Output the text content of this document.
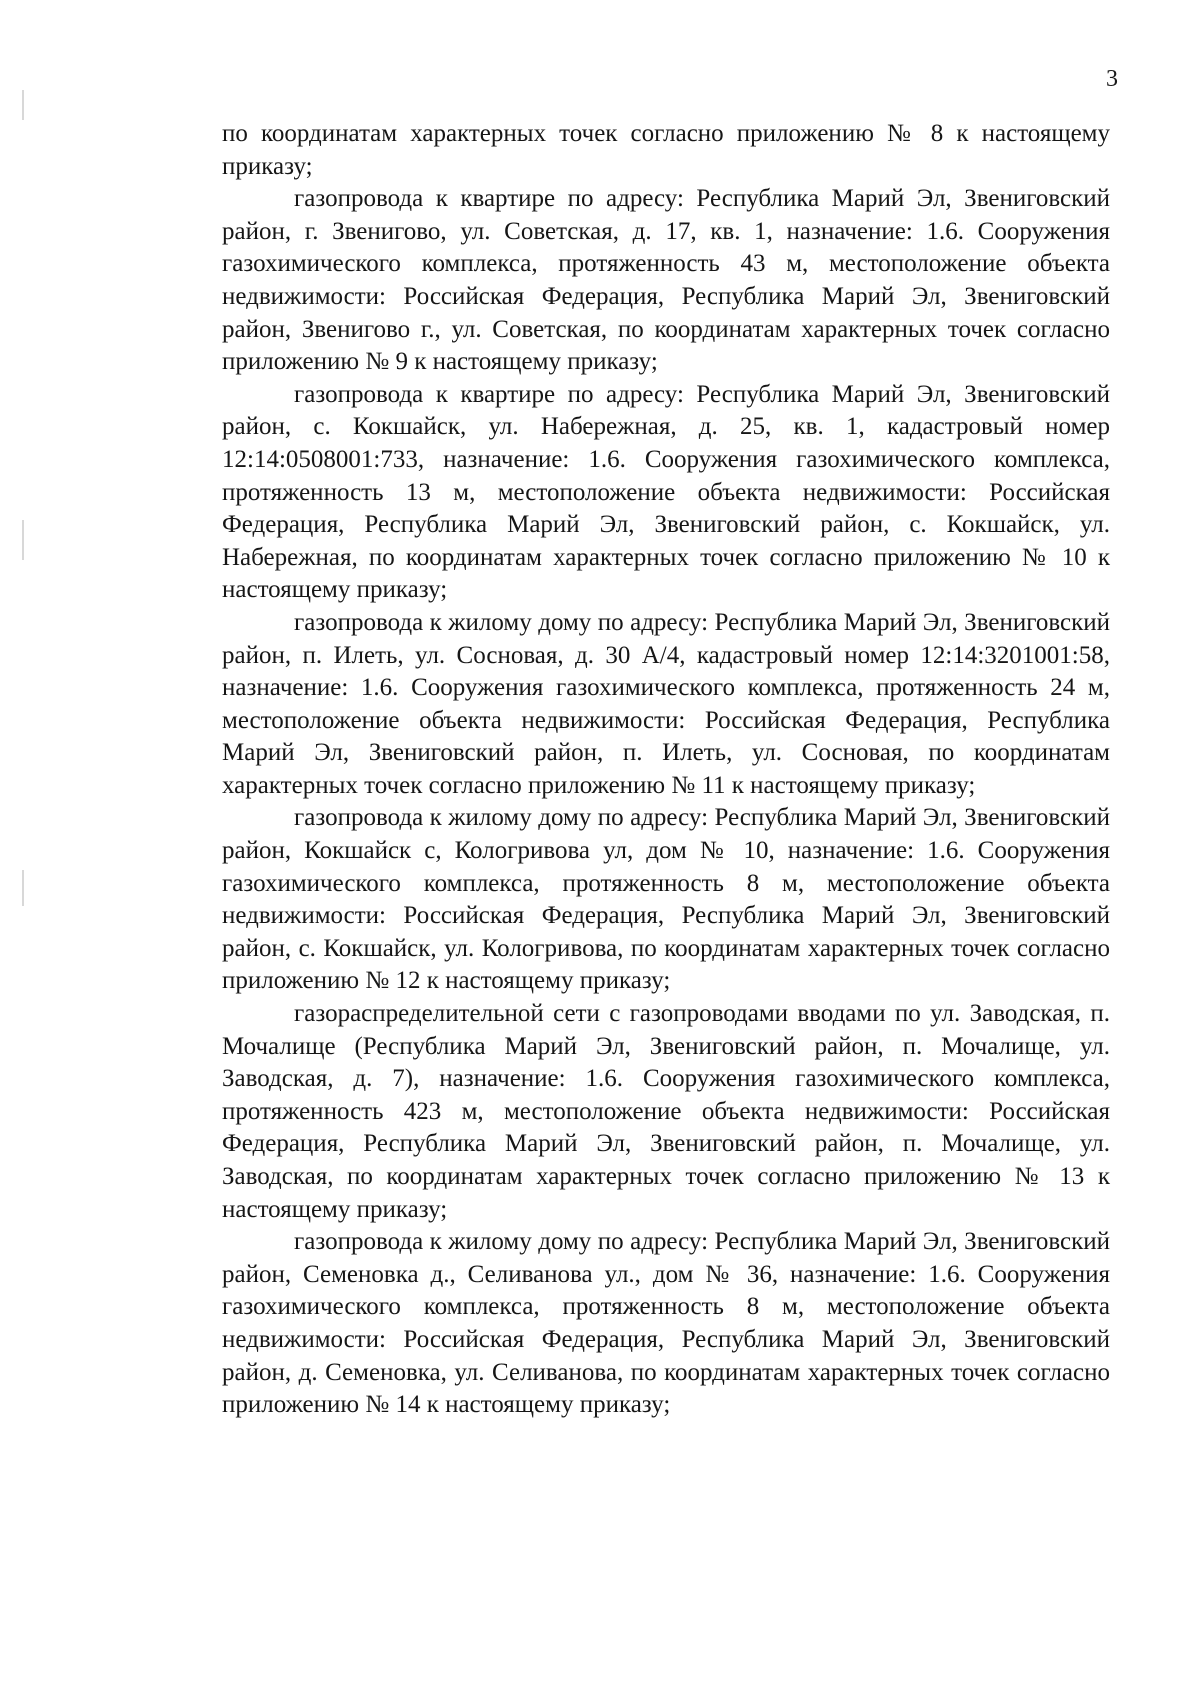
3

по координатам характерных точек согласно приложению № 8 к настоящему приказу;

газопровода к квартире по адресу: Республика Марий Эл, Звениговский район, г. Звенигово, ул. Советская, д. 17, кв. 1, назначение: 1.6. Сооружения газохимического комплекса, протяженность 43 м, местоположение объекта недвижимости: Российская Федерация, Республика Марий Эл, Звениговский район, Звенигово г., ул. Советская, по координатам характерных точек согласно приложению № 9 к настоящему приказу;

газопровода к квартире по адресу: Республика Марий Эл, Звениговский район, с. Кокшайск, ул. Набережная, д. 25, кв. 1, кадастровый номер 12:14:0508001:733, назначение: 1.6. Сооружения газохимического комплекса, протяженность 13 м, местоположение объекта недвижимости: Российская Федерация, Республика Марий Эл, Звениговский район, с. Кокшайск, ул. Набережная, по координатам характерных точек согласно приложению № 10 к настоящему приказу;

газопровода к жилому дому по адресу: Республика Марий Эл, Звениговский район, п. Илеть, ул. Сосновая, д. 30 А/4, кадастровый номер 12:14:3201001:58, назначение: 1.6. Сооружения газохимического комплекса, протяженность 24 м, местоположение объекта недвижимости: Российская Федерация, Республика Марий Эл, Звениговский район, п. Илеть, ул. Сосновая, по координатам характерных точек согласно приложению № 11 к настоящему приказу;

газопровода к жилому дому по адресу: Республика Марий Эл, Звениговский район, Кокшайск с, Кологривова ул, дом № 10, назначение: 1.6. Сооружения газохимического комплекса, протяженность 8 м, местоположение объекта недвижимости: Российская Федерация, Республика Марий Эл, Звениговский район, с. Кокшайск, ул. Кологривова, по координатам характерных точек согласно приложению № 12 к настоящему приказу;

газораспределительной сети с газопроводами вводами по ул. Заводская, п. Мочалище (Республика Марий Эл, Звениговский район, п. Мочалище, ул. Заводская, д. 7), назначение: 1.6. Сооружения газохимического комплекса, протяженность 423 м, местоположение объекта недвижимости: Российская Федерация, Республика Марий Эл, Звениговский район, п. Мочалище, ул. Заводская, по координатам характерных точек согласно приложению № 13 к настоящему приказу;

газопровода к жилому дому по адресу: Республика Марий Эл, Звениговский район, Семеновка д., Селиванова ул., дом № 36, назначение: 1.6. Сооружения газохимического комплекса, протяженность 8 м, местоположение объекта недвижимости: Российская Федерация, Республика Марий Эл, Звениговский район, д. Семеновка, ул. Селиванова, по координатам характерных точек согласно приложению № 14 к настоящему приказу;
